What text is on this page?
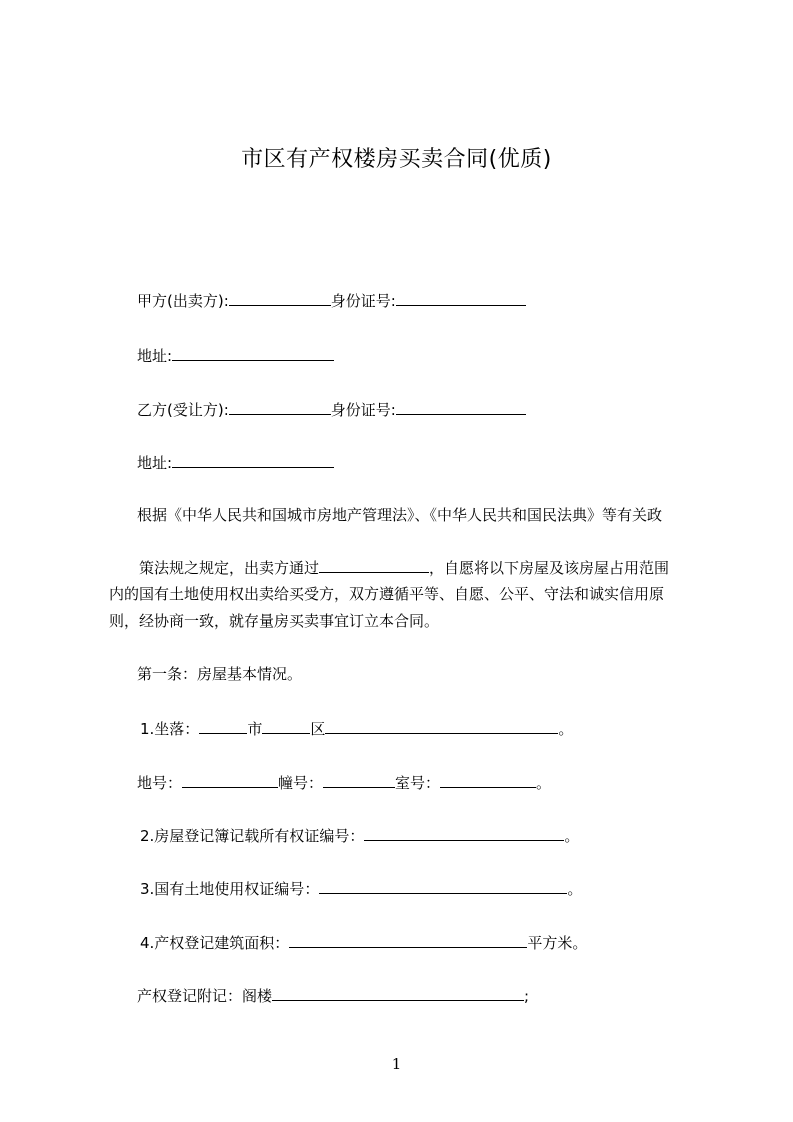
市区有产权楼房买卖合同(优质)
甲方(出卖方):	身份证号:
地址:
乙方(受让方):	身份证号:
地址:
根据《中华人民共和国城市房地产管理法》、《中华人民共和国民法典》等有关政
策法规之规定，出卖方通过	，自愿将以下房屋及该房屋占用范围
内的国有土地使用权出卖给买受方，双方遵循平等、自愿、公平、守法和诚实信用原
则，经协商一致，就存量房买卖事宜订立本合同。
第一条：房屋基本情况。
1.坐落：	市	区	。
地号：	幢号：	室号：	。
2.房屋登记簿记载所有权证编号：	。
3.国有土地使用权证编号：	。
4.产权登记建筑面积：	平方米。
产权登记附记：阁楼	;
1
